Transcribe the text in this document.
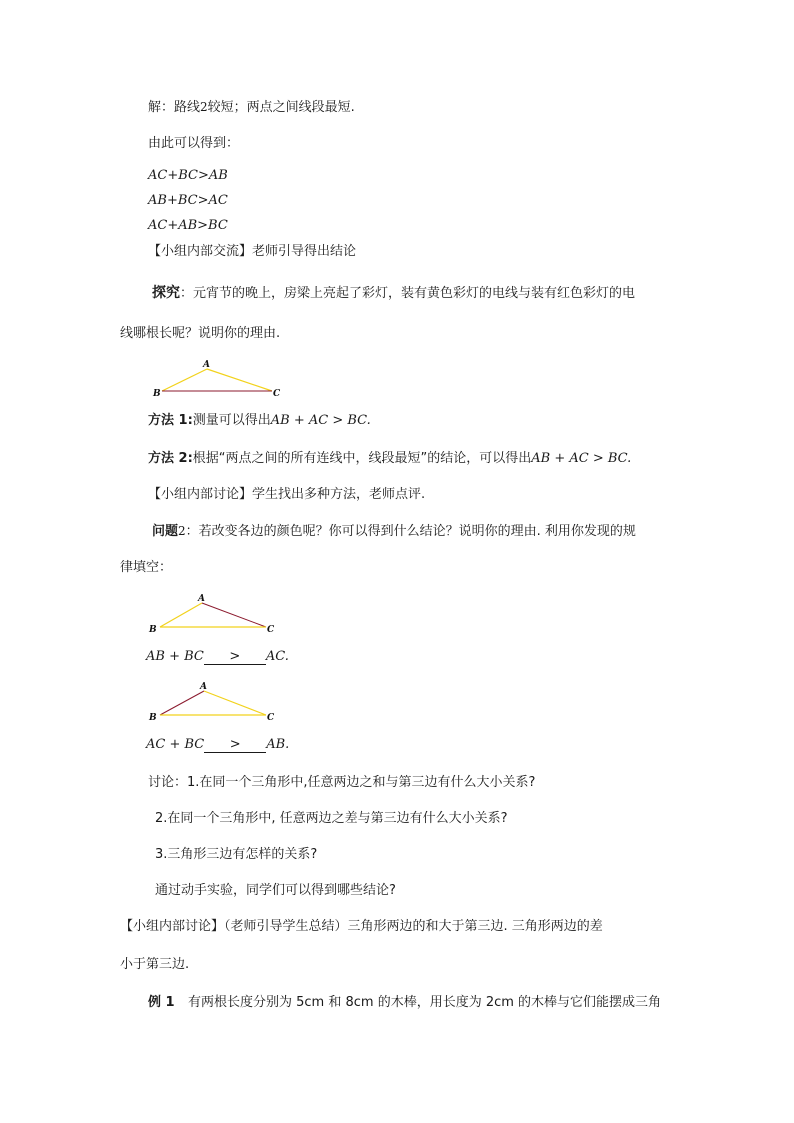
解：路线2较短；两点之间线段最短.
由此可以得到：
AC+BC>AB
AB+BC>AC
AC+AB>BC
【小组内部交流】老师引导得出结论
探究：元宵节的晚上，房梁上亮起了彩灯，装有黄色彩灯的电线与装有红色彩灯的电
线哪根长呢？说明你的理由.
A
B	C
方法 1:测量可以得出AB + AC > BC.
方法 2:根据“两点之间的所有连线中，线段最短”的结论，可以得出AB + AC > BC.
【小组内部讨论】学生找出多种方法，老师点评.
问题2：若改变各边的颜色呢？你可以得到什么结论？说明你的理由. 利用你发现的规
律填空：
A
B	C
AB + BC > AC.
A
B	C
AC + BC > AB.
讨论：1.在同一个三角形中,任意两边之和与第三边有什么大小关系?
2.在同一个三角形中, 任意两边之差与第三边有什么大小关系?
3.三角形三边有怎样的关系?
通过动手实验，同学们可以得到哪些结论?
【小组内部讨论】（老师引导学生总结）三角形两边的和大于第三边. 三角形两边的差
小于第三边.
例 1 有两根长度分别为 5cm 和 8cm 的木棒，用长度为 2cm 的木棒与它们能摆成三角
